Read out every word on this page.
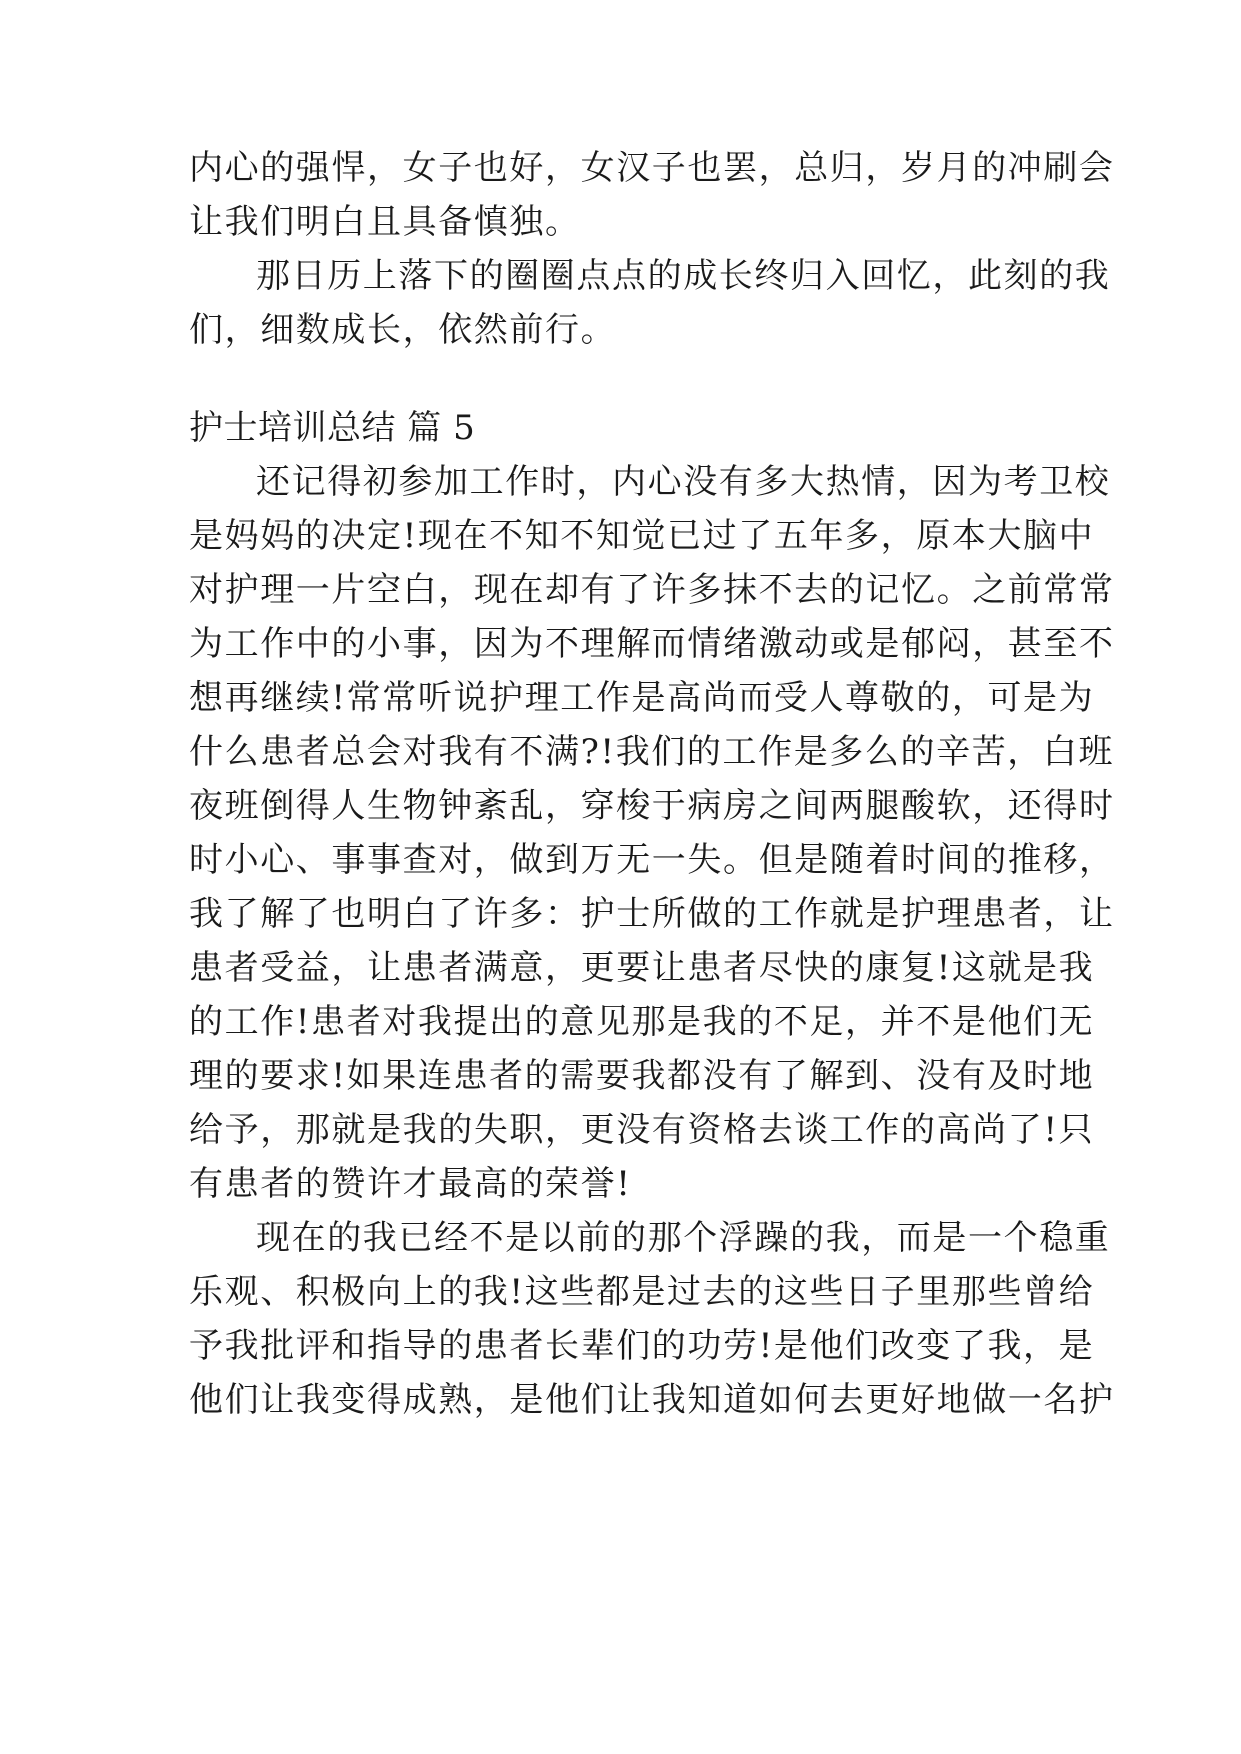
内心的强悍，女子也好，女汉子也罢，总归，岁月的冲刷会
让我们明白且具备慎独。
那日历上落下的圈圈点点的成长终归入回忆，此刻的我
们，细数成长，依然前行。
护士培训总结 篇 5
还记得初参加工作时，内心没有多大热情，因为考卫校
是妈妈的决定!现在不知不知觉已过了五年多，原本大脑中
对护理一片空白，现在却有了许多抹不去的记忆。之前常常
为工作中的小事，因为不理解而情绪激动或是郁闷，甚至不
想再继续!常常听说护理工作是高尚而受人尊敬的，可是为
什么患者总会对我有不满?!我们的工作是多么的辛苦，白班
夜班倒得人生物钟紊乱，穿梭于病房之间两腿酸软，还得时
时小心、事事查对，做到万无一失。但是随着时间的推移，
我了解了也明白了许多：护士所做的工作就是护理患者，让
患者受益，让患者满意，更要让患者尽快的康复!这就是我
的工作!患者对我提出的意见那是我的不足，并不是他们无
理的要求!如果连患者的需要我都没有了解到、没有及时地
给予，那就是我的失职，更没有资格去谈工作的高尚了!只
有患者的赞许才最高的荣誉!
现在的我已经不是以前的那个浮躁的我，而是一个稳重
乐观、积极向上的我!这些都是过去的这些日子里那些曾给
予我批评和指导的患者长辈们的功劳!是他们改变了我，是
他们让我变得成熟，是他们让我知道如何去更好地做一名护
